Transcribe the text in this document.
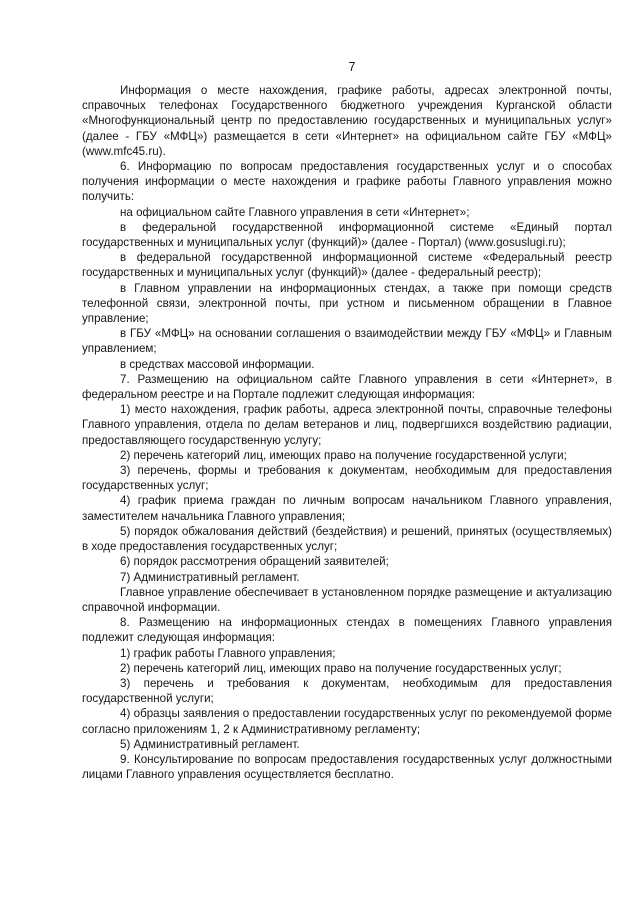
7

Информация о месте нахождения, графике работы, адресах электронной почты, справочных телефонах Государственного бюджетного учреждения Курганской области «Многофункциональный центр по предоставлению государственных и муниципальных услуг» (далее - ГБУ «МФЦ») размещается в сети «Интернет» на официальном сайте ГБУ «МФЦ» (www.mfc45.ru).

6. Информацию по вопросам предоставления государственных услуг и о способах получения информации о месте нахождения и графике работы Главного управления можно получить:

на официальном сайте Главного управления в сети «Интернет»;

в федеральной государственной информационной системе «Единый портал государственных и муниципальных услуг (функций)» (далее - Портал) (www.gosuslugi.ru);

в федеральной государственной информационной системе «Федеральный реестр государственных и муниципальных услуг (функций)» (далее - федеральный реестр);

в Главном управлении на информационных стендах, а также при помощи средств телефонной связи, электронной почты, при устном и письменном обращении в Главное управление;

в ГБУ «МФЦ» на основании соглашения о взаимодействии между ГБУ «МФЦ» и Главным управлением;

в средствах массовой информации.

7. Размещению на официальном сайте Главного управления в сети «Интернет», в федеральном реестре и на Портале подлежит следующая информация:

1) место нахождения, график работы, адреса электронной почты, справочные телефоны Главного управления, отдела по делам ветеранов и лиц, подвергшихся воздействию радиации, предоставляющего государственную услугу;

2) перечень категорий лиц, имеющих право на получение государственной услуги;

3) перечень, формы и требования к документам, необходимым для предоставления государственных услуг;

4) график приема граждан по личным вопросам начальником Главного управления, заместителем начальника Главного управления;

5) порядок обжалования действий (бездействия) и решений, принятых (осуществляемых) в ходе предоставления государственных услуг;

6) порядок рассмотрения обращений заявителей;

7) Административный регламент.

Главное управление обеспечивает в установленном порядке размещение и актуализацию справочной информации.

8. Размещению на информационных стендах в помещениях Главного управления подлежит следующая информация:

1) график работы Главного управления;

2) перечень категорий лиц, имеющих право на получение государственных услуг;

3) перечень и требования к документам, необходимым для предоставления государственной услуги;

4) образцы заявления о предоставлении государственных услуг по рекомендуемой форме согласно приложениям 1, 2 к Административному регламенту;

5) Административный регламент.

9. Консультирование по вопросам предоставления государственных услуг должностными лицами Главного управления осуществляется бесплатно.
